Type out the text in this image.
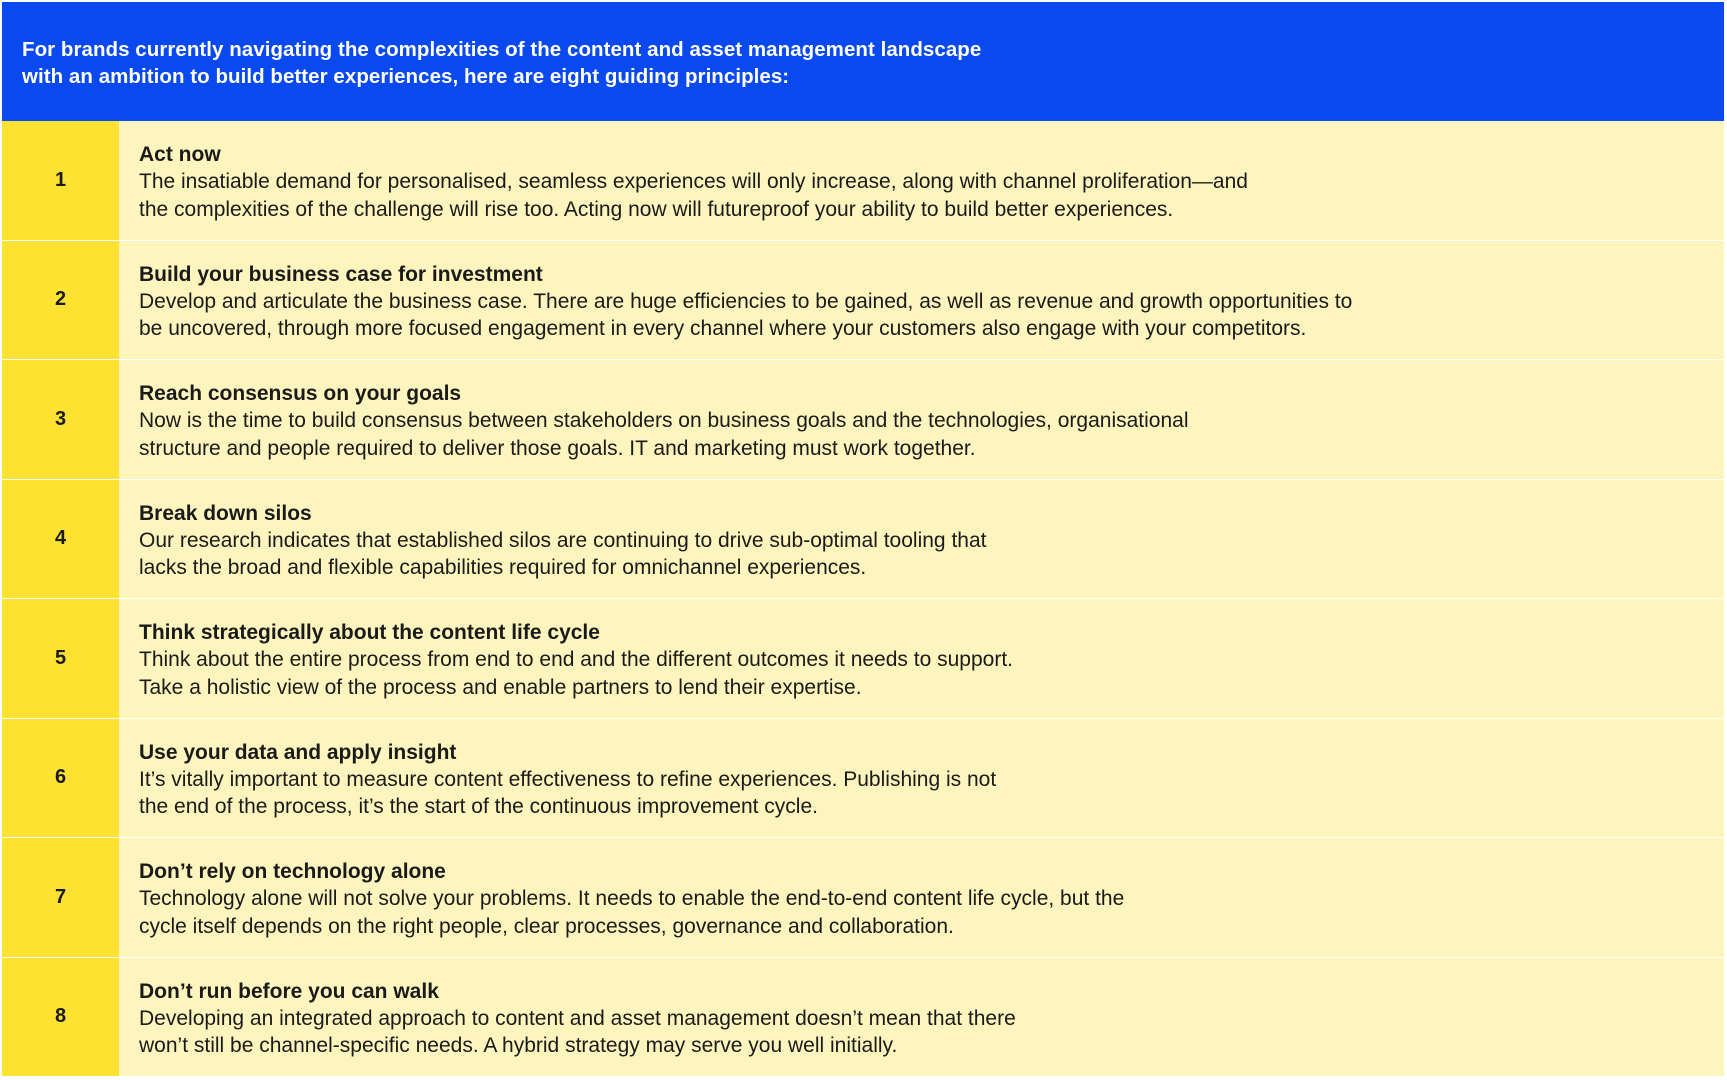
For brands currently navigating the complexities of the content and asset management landscape
with an ambition to build better experiences, here are eight guiding principles:
1
Act now
The insatiable demand for personalised, seamless experiences will only increase, along with channel proliferation—and
the complexities of the challenge will rise too. Acting now will futureproof your ability to build better experiences.
2
Build your business case for investment
Develop and articulate the business case. There are huge efficiencies to be gained, as well as revenue and growth opportunities to
be uncovered, through more focused engagement in every channel where your customers also engage with your competitors.
3
Reach consensus on your goals
Now is the time to build consensus between stakeholders on business goals and the technologies, organisational
structure and people required to deliver those goals. IT and marketing must work together.
4
Break down silos
Our research indicates that established silos are continuing to drive sub-optimal tooling that
lacks the broad and flexible capabilities required for omnichannel experiences.
5
Think strategically about the content life cycle
Think about the entire process from end to end and the different outcomes it needs to support.
Take a holistic view of the process and enable partners to lend their expertise.
6
Use your data and apply insight
It’s vitally important to measure content effectiveness to refine experiences. Publishing is not
the end of the process, it’s the start of the continuous improvement cycle.
7
Don’t rely on technology alone
Technology alone will not solve your problems. It needs to enable the end-to-end content life cycle, but the
cycle itself depends on the right people, clear processes, governance and collaboration.
8
Don’t run before you can walk
Developing an integrated approach to content and asset management doesn’t mean that there
won’t still be channel-specific needs. A hybrid strategy may serve you well initially.
